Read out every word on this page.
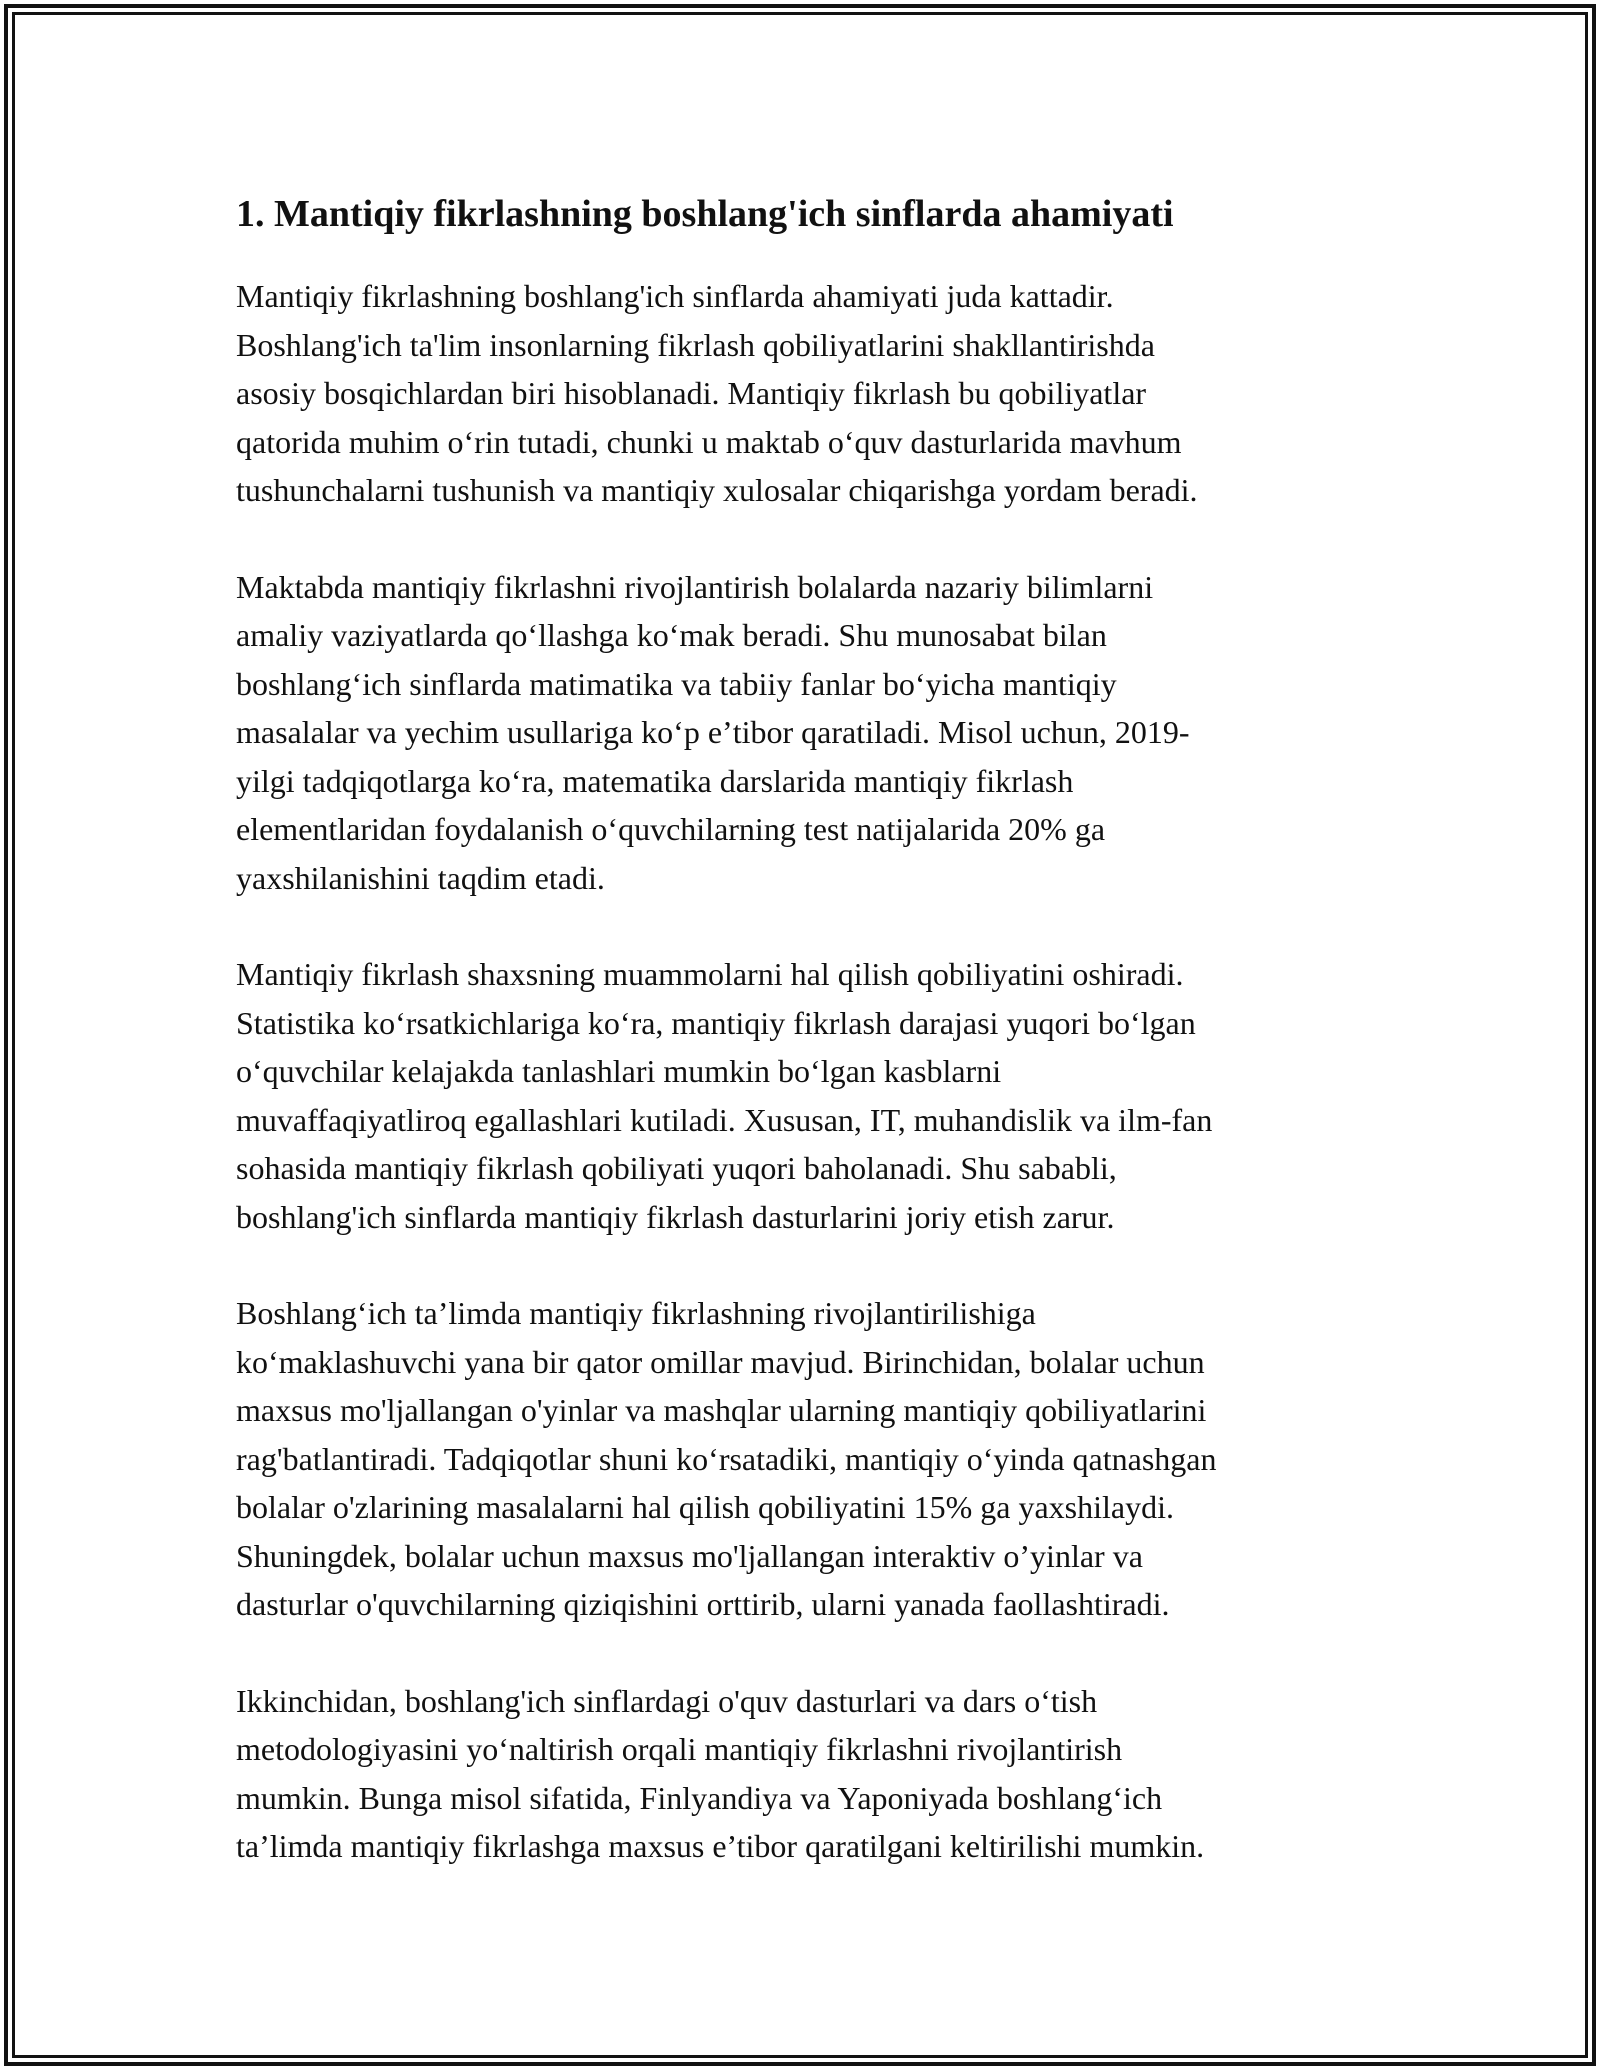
1. Mantiqiy fikrlashning boshlang'ich sinflarda ahamiyati

Mantiqiy fikrlashning boshlang'ich sinflarda ahamiyati juda kattadir.
Boshlang'ich ta'lim insonlarning fikrlash qobiliyatlarini shakllantirishda
asosiy bosqichlardan biri hisoblanadi. Mantiqiy fikrlash bu qobiliyatlar
qatorida muhim oʻrin tutadi, chunki u maktab oʻquv dasturlarida mavhum
tushunchalarni tushunish va mantiqiy xulosalar chiqarishga yordam beradi.

Maktabda mantiqiy fikrlashni rivojlantirish bolalarda nazariy bilimlarni
amaliy vaziyatlarda qoʻllashga koʻmak beradi. Shu munosabat bilan
boshlangʻich sinflarda matimatika va tabiiy fanlar boʻyicha mantiqiy
masalalar va yechim usullariga koʻp eʼtibor qaratiladi. Misol uchun, 2019-
yilgi tadqiqotlarga koʻra, matematika darslarida mantiqiy fikrlash
elementlaridan foydalanish oʻquvchilarning test natijalarida 20% ga
yaxshilanishini taqdim etadi.

Mantiqiy fikrlash shaxsning muammolarni hal qilish qobiliyatini oshiradi.
Statistika koʻrsatkichlariga koʻra, mantiqiy fikrlash darajasi yuqori boʻlgan
oʻquvchilar kelajakda tanlashlari mumkin boʻlgan kasblarni
muvaffaqiyatliroq egallashlari kutiladi. Xususan, IT, muhandislik va ilm-fan
sohasida mantiqiy fikrlash qobiliyati yuqori baholanadi. Shu sababli,
boshlang'ich sinflarda mantiqiy fikrlash dasturlarini joriy etish zarur.

Boshlangʻich ta’limda mantiqiy fikrlashning rivojlantirilishiga
koʻmaklashuvchi yana bir qator omillar mavjud. Birinchidan, bolalar uchun
maxsus mo'ljallangan o'yinlar va mashqlar ularning mantiqiy qobiliyatlarini
rag'batlantiradi. Tadqiqotlar shuni koʻrsatadiki, mantiqiy oʻyinda qatnashgan
bolalar o'zlarining masalalarni hal qilish qobiliyatini 15% ga yaxshilaydi.
Shuningdek, bolalar uchun maxsus mo'ljallangan interaktiv o’yinlar va
dasturlar o'quvchilarning qiziqishini orttirib, ularni yanada faollashtiradi.

Ikkinchidan, boshlang'ich sinflardagi o'quv dasturlari va dars oʻtish
metodologiyasini yoʻnaltirish orqali mantiqiy fikrlashni rivojlantirish
mumkin. Bunga misol sifatida, Finlyandiya va Yaponiyada boshlangʻich
ta’limda mantiqiy fikrlashga maxsus e’tibor qaratilgani keltirilishi mumkin.
